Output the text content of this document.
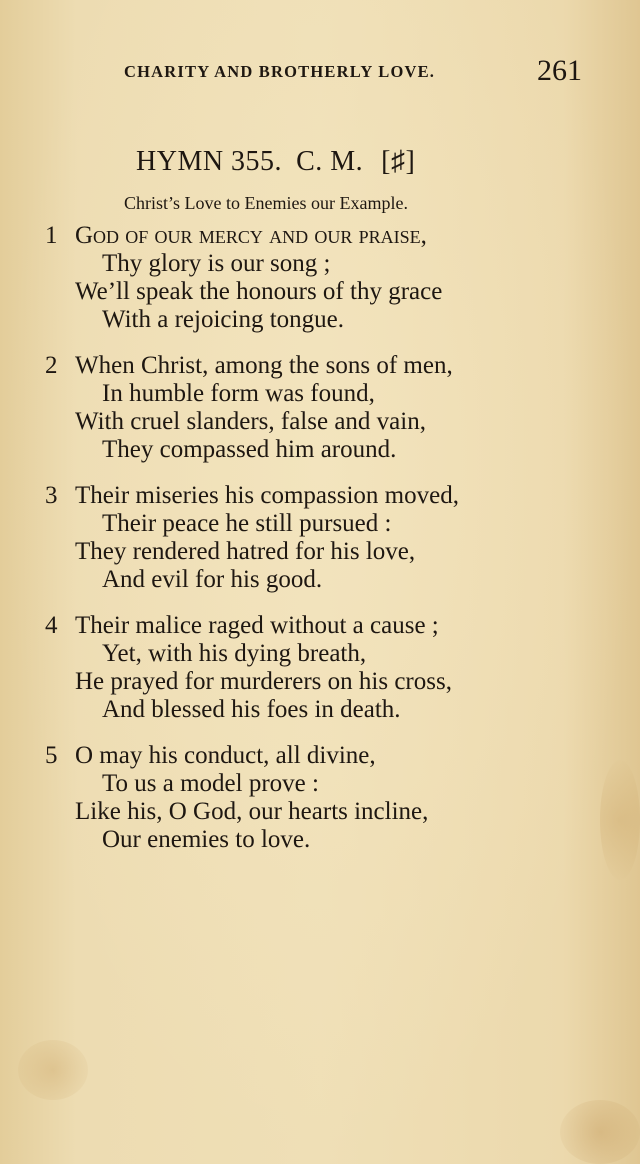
CHARITY AND BROTHERLY LOVE.	261
HYMN 355. C. M. [♯]
Christ’s Love to Enemies our Example.
1 God of our mercy and our praise,
Thy glory is our song ;
We’ll speak the honours of thy grace
With a rejoicing tongue.
2 When Christ, among the sons of men,
In humble form was found,
With cruel slanders, false and vain,
They compassed him around.
3 Their miseries his compassion moved,
Their peace he still pursued :
They rendered hatred for his love,
And evil for his good.
4 Their malice raged without a cause ;
Yet, with his dying breath,
He prayed for murderers on his cross,
And blessed his foes in death.
5 O may his conduct, all divine,
To us a model prove :
Like his, O God, our hearts incline,
Our enemies to love.
